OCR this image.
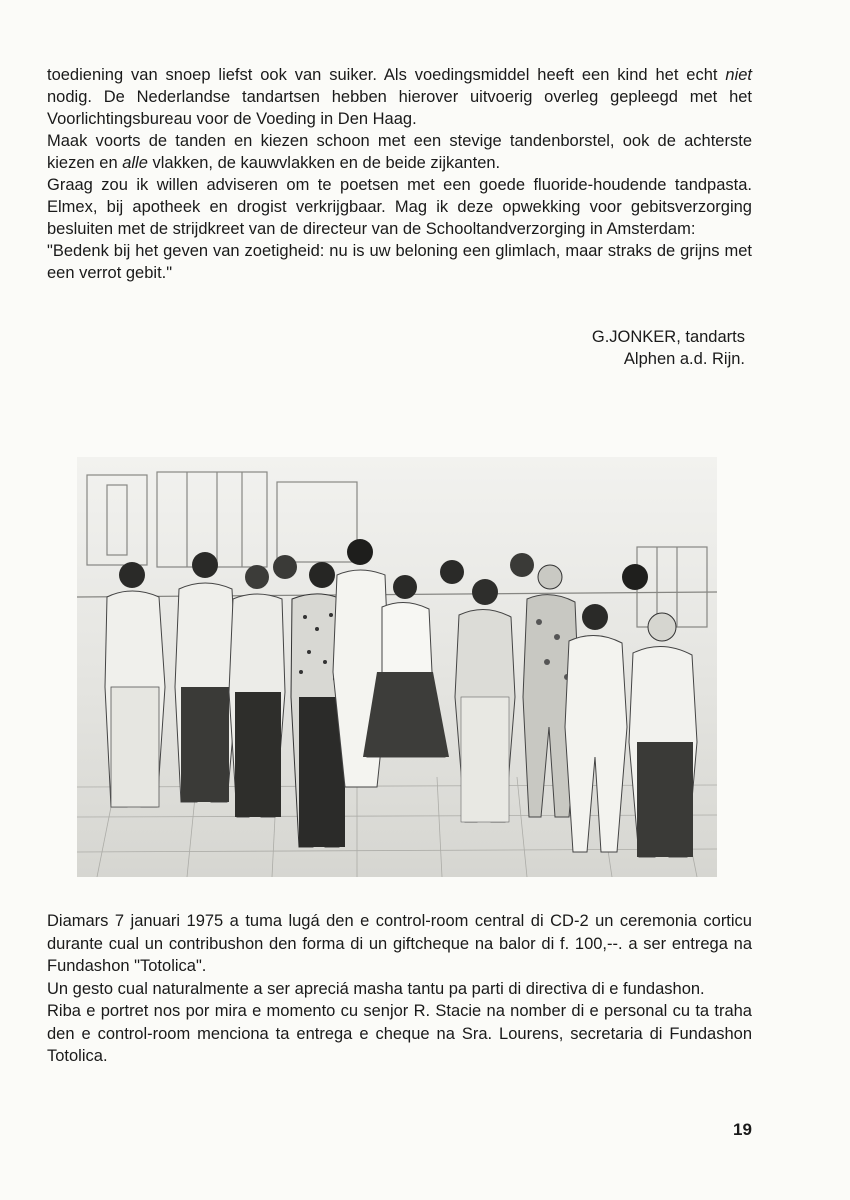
toediening van snoep liefst ook van suiker. Als voedingsmiddel heeft een kind het echt niet nodig. De Nederlandse tandartsen hebben hierover uitvoerig overleg gepleegd met het Voorlichtingsbureau voor de Voeding in Den Haag.

Maak voorts de tanden en kiezen schoon met een stevige tandenborstel, ook de achterste kiezen en alle vlakken, de kauwvlakken en de beide zijkanten.

Graag zou ik willen adviseren om te poetsen met een goede fluoride-houdende tandpasta. Elmex, bij apotheek en drogist verkrijgbaar. Mag ik deze opwekking voor gebitsverzorging besluiten met de strijdkreet van de directeur van de Schooltandverzorging in Amsterdam:

"Bedenk bij het geven van zoetigheid: nu is uw beloning een glimlach, maar straks de grijns met een verrot gebit."

G.JONKER, tandarts
Alphen a.d. Rijn.

Diamars 7 januari 1975 a tuma lugá den e control-room central di CD-2 un ceremonia corticu durante cual un contribushon den forma di un giftcheque na balor di f. 100,--. a ser entrega na Fundashon "Totolica".

Un gesto cual naturalmente a ser apreciá masha tantu pa parti di directiva di e fundashon.

Riba e portret nos por mira e momento cu senjor R. Stacie na nomber di e personal cu ta traha den e control-room menciona ta entrega e cheque na Sra. Lourens, secretaria di Fundashon Totolica.

19
